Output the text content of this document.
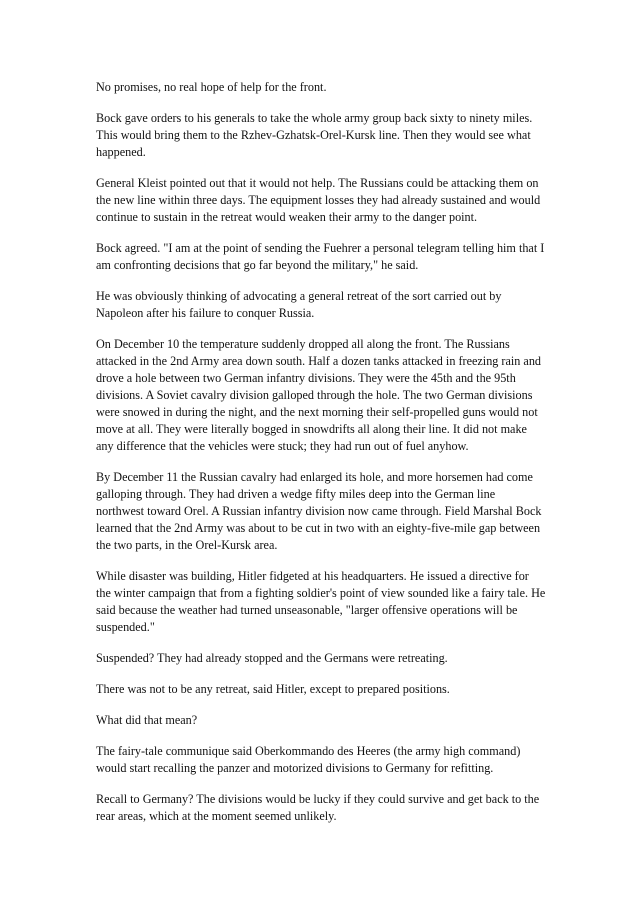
No promises, no real hope of help for the front.

Bock gave orders to his generals to take the whole army group back sixty to ninety miles. This would bring them to the Rzhev-Gzhatsk-Orel-Kursk line. Then they would see what happened.

General Kleist pointed out that it would not help. The Russians could be attacking them on the new line within three days. The equipment losses they had already sustained and would continue to sustain in the retreat would weaken their army to the danger point.

Bock agreed. "I am at the point of sending the Fuehrer a personal telegram telling him that I am confronting decisions that go far beyond the military," he said.

He was obviously thinking of advocating a general retreat of the sort carried out by Napoleon after his failure to conquer Russia.

On December 10 the temperature suddenly dropped all along the front. The Russians attacked in the 2nd Army area down south. Half a dozen tanks attacked in freezing rain and drove a hole between two German infantry divisions. They were the 45th and the 95th divisions. A Soviet cavalry division galloped through the hole. The two German divisions were snowed in during the night, and the next morning their self-propelled guns would not move at all. They were literally bogged in snowdrifts all along their line. It did not make any difference that the vehicles were stuck; they had run out of fuel anyhow.

By December 11 the Russian cavalry had enlarged its hole, and more horsemen had come galloping through. They had driven a wedge fifty miles deep into the German line northwest toward Orel. A Russian infantry division now came through. Field Marshal Bock learned that the 2nd Army was about to be cut in two with an eighty-five-mile gap between the two parts, in the Orel-Kursk area.

While disaster was building, Hitler fidgeted at his headquarters. He issued a directive for the winter campaign that from a fighting soldier's point of view sounded like a fairy tale. He said because the weather had turned unseasonable, "larger offensive operations will be suspended."

Suspended? They had already stopped and the Germans were retreating.

There was not to be any retreat, said Hitler, except to prepared positions.

What did that mean?

The fairy-tale communique said Oberkommando des Heeres (the army high command) would start recalling the panzer and motorized divisions to Germany for refitting.

Recall to Germany? The divisions would be lucky if they could survive and get back to the rear areas, which at the moment seemed unlikely.
